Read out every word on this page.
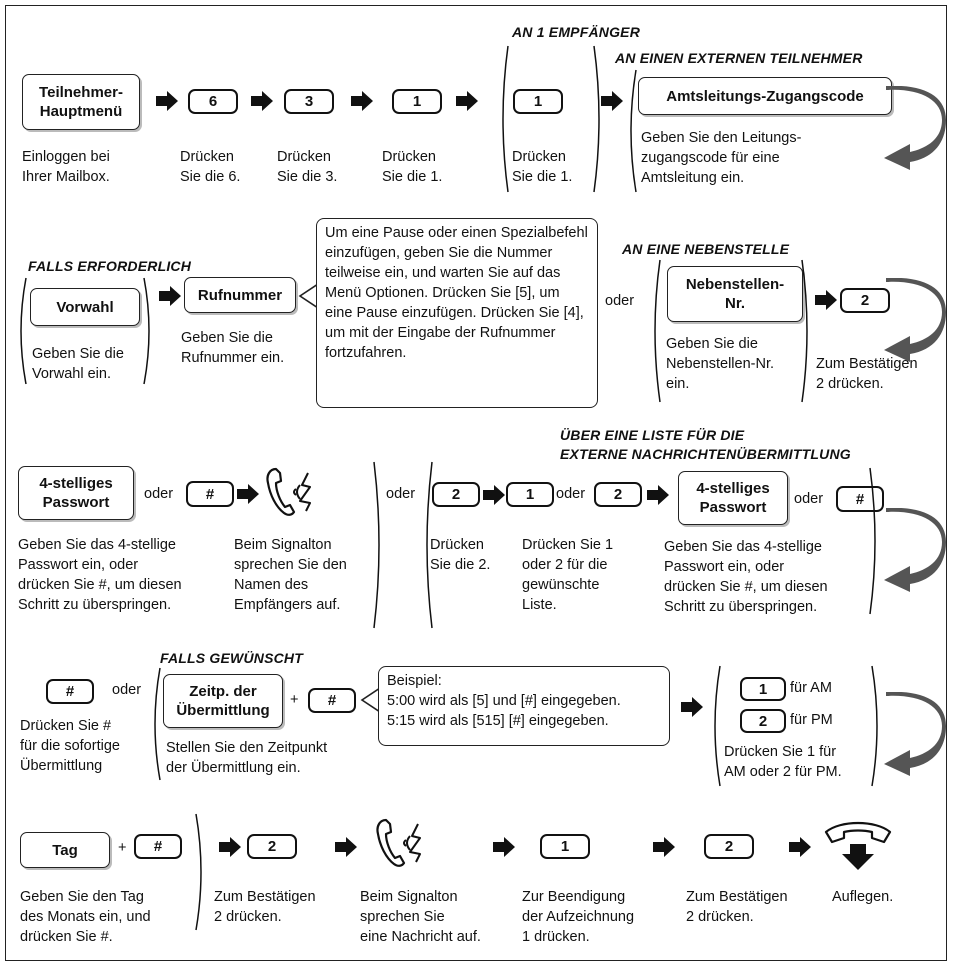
AN 1 EMPFÄNGER
AN EINEN EXTERNEN TEILNEHMER
Teilnehmer-
Hauptmenü
Einloggen bei
Ihrer Mailbox.
6
Drücken
Sie die 6.
3
Drücken
Sie die 3.
1
Drücken
Sie die 1.
1
Drücken
Sie die 1.
Amtsleitungs-Zugangscode
Geben Sie den Leitungs-
zugangscode für eine
Amtsleitung ein.
FALLS ERFORDERLICH
Vorwahl
Geben Sie die
Vorwahl ein.
Rufnummer
Geben Sie die
Rufnummer ein.
Um eine Pause oder einen Spezialbefehl einzufügen, geben Sie die Nummer teilweise ein, und warten Sie auf das Menü Optionen. Drücken Sie [5], um eine Pause einzufügen. Drücken Sie [4], um mit der Eingabe der Rufnummer fortzufahren.
oder
AN EINE NEBENSTELLE
Nebenstellen-
Nr.
Geben Sie die
Nebenstellen-Nr.
ein.
2
Zum Bestätigen
2 drücken.
ÜBER EINE LISTE FÜR DIE
EXTERNE NACHRICHTENÜBERMITTLUNG
4-stelliges
Passwort	oder	#
Geben Sie das 4-stellige
Passwort ein, oder
drücken Sie #, um diesen
Schritt zu überspringen.
Beim Signalton
sprechen Sie den
Namen des
Empfängers auf.
oder	2	1	oder	2
Drücken
Sie die 2.
Drücken Sie 1
oder 2 für die
gewünschte
Liste.
4-stelliges
Passwort	oder	#
Geben Sie das 4-stellige
Passwort ein, oder
drücken Sie #, um diesen
Schritt zu überspringen.
FALLS GEWÜNSCHT
#	oder
Drücken Sie #
für die sofortige
Übermittlung
Zeitp. der
Übermittlung
+	#
Stellen Sie den Zeitpunkt
der Übermittlung ein.
Beispiel:
5:00 wird als [5] und [#] eingegeben.
5:15 wird als [515] [#] eingegeben.
1	für AM
2	für PM
Drücken Sie 1 für
AM oder 2 für PM.
Tag	+	#
Geben Sie den Tag
des Monats ein, und
drücken Sie #.
2
Zum Bestätigen
2 drücken.
Beim Signalton
sprechen Sie
eine Nachricht auf.
1
Zur Beendigung
der Aufzeichnung
1 drücken.
2
Zum Bestätigen
2 drücken.
Auflegen.
